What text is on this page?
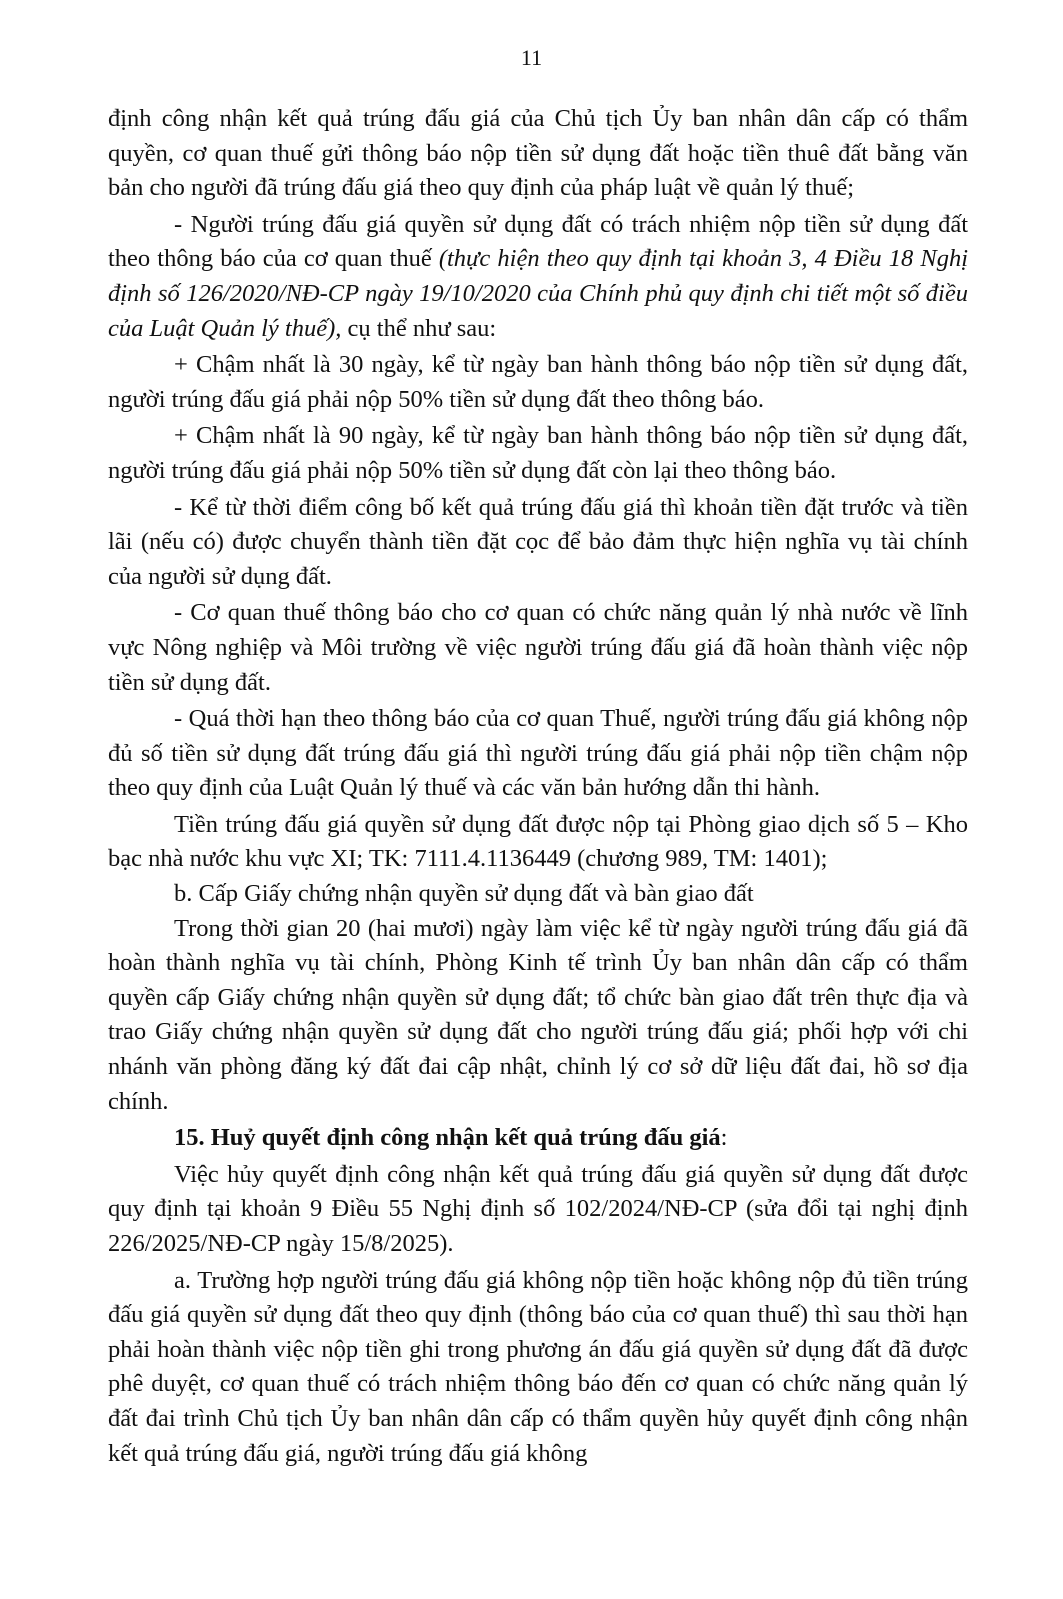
11

định công nhận kết quả trúng đấu giá của Chủ tịch Ủy ban nhân dân cấp có thẩm quyền, cơ quan thuế gửi thông báo nộp tiền sử dụng đất hoặc tiền thuê đất bằng văn bản cho người đã trúng đấu giá theo quy định của pháp luật về quản lý thuế;

- Người trúng đấu giá quyền sử dụng đất có trách nhiệm nộp tiền sử dụng đất theo thông báo của cơ quan thuế (thực hiện theo quy định tại khoản 3, 4 Điều 18 Nghị định số 126/2020/NĐ-CP ngày 19/10/2020 của Chính phủ quy định chi tiết một số điều của Luật Quản lý thuế), cụ thể như sau:

+ Chậm nhất là 30 ngày, kể từ ngày ban hành thông báo nộp tiền sử dụng đất, người trúng đấu giá phải nộp 50% tiền sử dụng đất theo thông báo.

+ Chậm nhất là 90 ngày, kể từ ngày ban hành thông báo nộp tiền sử dụng đất, người trúng đấu giá phải nộp 50% tiền sử dụng đất còn lại theo thông báo.

- Kể từ thời điểm công bố kết quả trúng đấu giá thì khoản tiền đặt trước và tiền lãi (nếu có) được chuyển thành tiền đặt cọc để bảo đảm thực hiện nghĩa vụ tài chính của người sử dụng đất.

- Cơ quan thuế thông báo cho cơ quan có chức năng quản lý nhà nước về lĩnh vực Nông nghiệp và Môi trường về việc người trúng đấu giá đã hoàn thành việc nộp tiền sử dụng đất.

- Quá thời hạn theo thông báo của cơ quan Thuế, người trúng đấu giá không nộp đủ số tiền sử dụng đất trúng đấu giá thì người trúng đấu giá phải nộp tiền chậm nộp theo quy định của Luật Quản lý thuế và các văn bản hướng dẫn thi hành.

Tiền trúng đấu giá quyền sử dụng đất được nộp tại Phòng giao dịch số 5 – Kho bạc nhà nước khu vực XI; TK: 7111.4.1136449 (chương 989, TM: 1401);

b. Cấp Giấy chứng nhận quyền sử dụng đất và bàn giao đất

Trong thời gian 20 (hai mươi) ngày làm việc kể từ ngày người trúng đấu giá đã hoàn thành nghĩa vụ tài chính, Phòng Kinh tế trình Ủy ban nhân dân cấp có thẩm quyền cấp Giấy chứng nhận quyền sử dụng đất; tổ chức bàn giao đất trên thực địa và trao Giấy chứng nhận quyền sử dụng đất cho người trúng đấu giá; phối hợp với chi nhánh văn phòng đăng ký đất đai cập nhật, chỉnh lý cơ sở dữ liệu đất đai, hồ sơ địa chính.

15. Huỷ quyết định công nhận kết quả trúng đấu giá:

Việc hủy quyết định công nhận kết quả trúng đấu giá quyền sử dụng đất được quy định tại khoản 9 Điều 55 Nghị định số 102/2024/NĐ-CP (sửa đổi tại nghị định 226/2025/NĐ-CP ngày 15/8/2025).

a. Trường hợp người trúng đấu giá không nộp tiền hoặc không nộp đủ tiền trúng đấu giá quyền sử dụng đất theo quy định (thông báo của cơ quan thuế) thì sau thời hạn phải hoàn thành việc nộp tiền ghi trong phương án đấu giá quyền sử dụng đất đã được phê duyệt, cơ quan thuế có trách nhiệm thông báo đến cơ quan có chức năng quản lý đất đai trình Chủ tịch Ủy ban nhân dân cấp có thẩm quyền hủy quyết định công nhận kết quả trúng đấu giá, người trúng đấu giá không
